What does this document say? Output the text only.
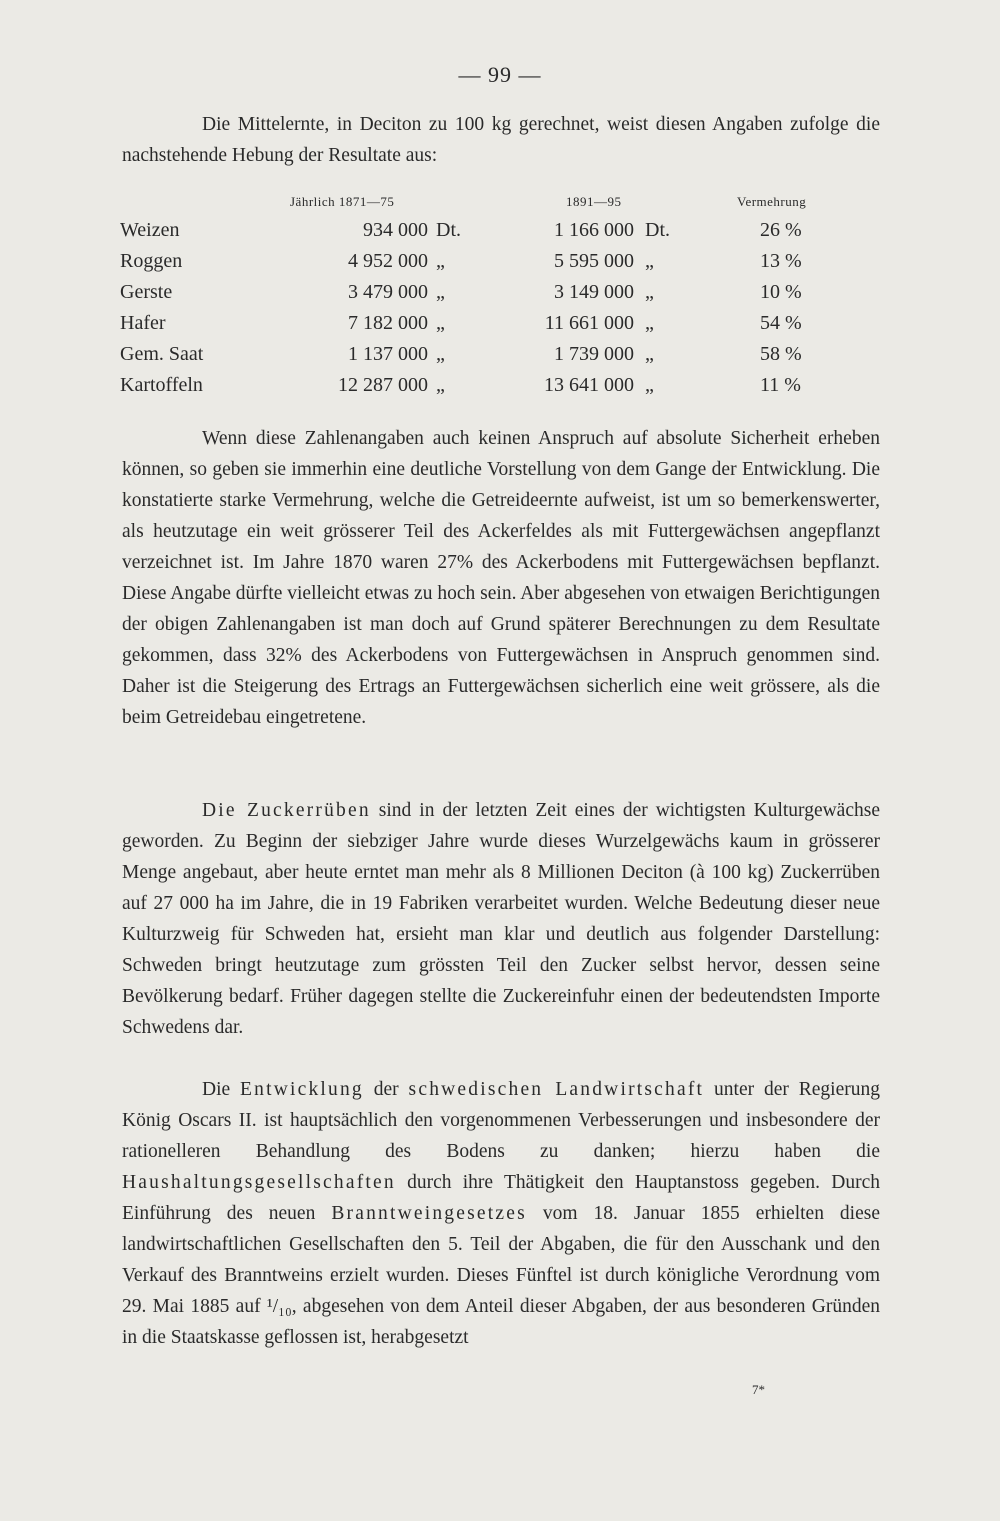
— 99 —

Die Mittelernte, in Deciton zu 100 kg gerechnet, weist diesen Angaben zufolge die nachstehende Hebung der Resultate aus:

Jährlich 1871—75	1891—95	Vermehrung
Weizen	934 000 Dt.	1 166 000 Dt.	26 %
Roggen	4 952 000 „	5 595 000 „	13 %
Gerste	3 479 000 „	3 149 000 „	10 %
Hafer	7 182 000 „	11 661 000 „	54 %
Gem. Saat	1 137 000 „	1 739 000 „	58 %
Kartoffeln	12 287 000 „	13 641 000 „	11 %

Wenn diese Zahlenangaben auch keinen Anspruch auf absolute Sicherheit erheben können, so geben sie immerhin eine deutliche Vorstellung von dem Gange der Entwicklung. Die konstatierte starke Vermehrung, welche die Getreideernte aufweist, ist um so bemerkenswerter, als heutzutage ein weit grösserer Teil des Ackerfeldes als mit Futtergewächsen angepflanzt verzeichnet ist. Im Jahre 1870 waren 27% des Ackerbodens mit Futtergewächsen bepflanzt. Diese Angabe dürfte vielleicht etwas zu hoch sein. Aber abgesehen von etwaigen Berichtigungen der obigen Zahlenangaben ist man doch auf Grund späterer Berechnungen zu dem Resultate gekommen, dass 32% des Ackerbodens von Futtergewächsen in Anspruch genommen sind. Daher ist die Steigerung des Ertrags an Futtergewächsen sicherlich eine weit grössere, als die beim Getreidebau eingetretene.

Die Zuckerrüben sind in der letzten Zeit eines der wichtigsten Kulturgewächse geworden. Zu Beginn der siebziger Jahre wurde dieses Wurzelgewächs kaum in grösserer Menge angebaut, aber heute erntet man mehr als 8 Millionen Deciton (à 100 kg) Zuckerrüben auf 27 000 ha im Jahre, die in 19 Fabriken verarbeitet wurden. Welche Bedeutung dieser neue Kulturzweig für Schweden hat, ersieht man klar und deutlich aus folgender Darstellung: Schweden bringt heutzutage zum grössten Teil den Zucker selbst hervor, dessen seine Bevölkerung bedarf. Früher dagegen stellte die Zuckereinfuhr einen der bedeutendsten Importe Schwedens dar.

Die Entwicklung der schwedischen Landwirtschaft unter der Regierung König Oscars II. ist hauptsächlich den vorgenommenen Verbesserungen und insbesondere der rationelleren Behandlung des Bodens zu danken; hierzu haben die Haushaltungsgesellschaften durch ihre Thätigkeit den Hauptanstoss gegeben. Durch Einführung des neuen Branntweingesetzes vom 18. Januar 1855 erhielten diese landwirtschaftlichen Gesellschaften den 5. Teil der Abgaben, die für den Ausschank und den Verkauf des Branntweins erzielt wurden. Dieses Fünftel ist durch königliche Verordnung vom 29. Mai 1885 auf ¹/₁₀, abgesehen von dem Anteil dieser Abgaben, der aus besonderen Gründen in die Staatskasse geflossen ist, herabgesetzt

7*
